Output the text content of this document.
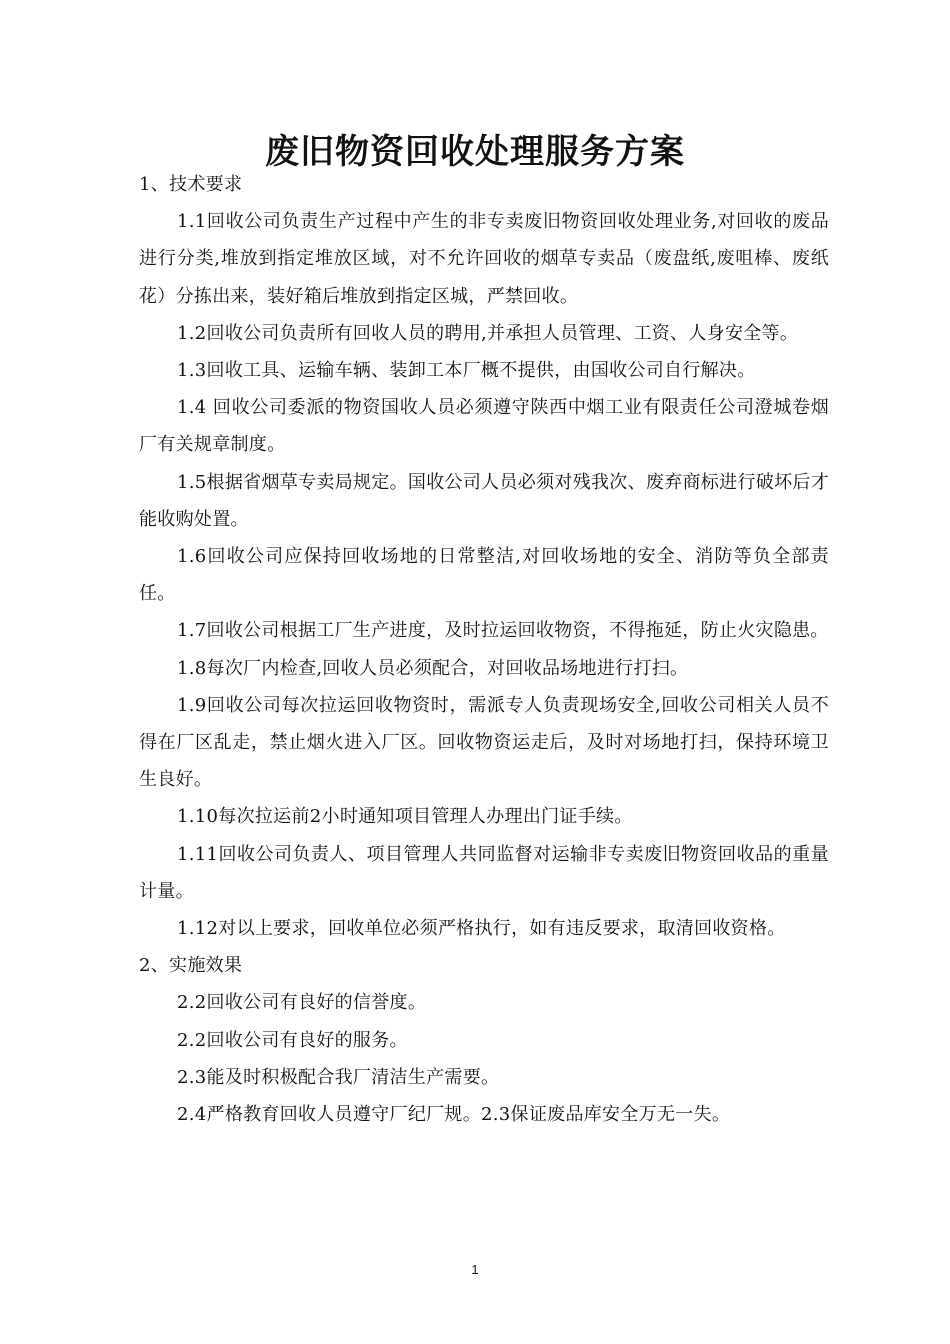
废旧物资回收处理服务方案

1、技术要求

1.1回收公司负责生产过程中产生的非专卖废旧物资回收处理业务,对回收的废品进行分类,堆放到指定堆放区域，对不允许回收的烟草专卖品（废盘纸,废咀棒、废纸花）分拣出来，装好箱后堆放到指定区城，严禁回收。

1.2回收公司负责所有回收人员的聘用,并承担人员管理、工资、人身安全等。

1.3回收工具、运输车辆、装卸工本厂概不提供，由国收公司自行解决。

1.4 回收公司委派的物资国收人员必须遵守陕西中烟工业有限责任公司澄城卷烟厂有关规章制度。

1.5根据省烟草专卖局规定。国收公司人员必须对残我次、废弃商标进行破坏后才能收购处置。

1.6回收公司应保持回收场地的日常整洁,对回收场地的安全、消防等负全部责任。

1.7回收公司根据工厂生产进度，及时拉运回收物资，不得拖延，防止火灾隐患。

1.8每次厂内检查,回收人员必须配合，对回收品场地进行打扫。

1.9回收公司每次拉运回收物资时，需派专人负责现场安全,回收公司相关人员不得在厂区乱走，禁止烟火进入厂区。回收物资运走后，及时对场地打扫，保持环境卫生良好。

1.10每次拉运前2小时通知项目管理人办理出门证手续。

1.11回收公司负责人、项目管理人共同监督对运输非专卖废旧物资回收品的重量计量。

1.12对以上要求，回收单位必须严格执行，如有违反要求，取清回收资格。

2、实施效果

2.2回收公司有良好的信誉度。

2.2回收公司有良好的服务。

2.3能及时积极配合我厂清洁生产需要。

2.4严格教育回收人员遵守厂纪厂规。2.3保证废品库安全万无一失。

1
